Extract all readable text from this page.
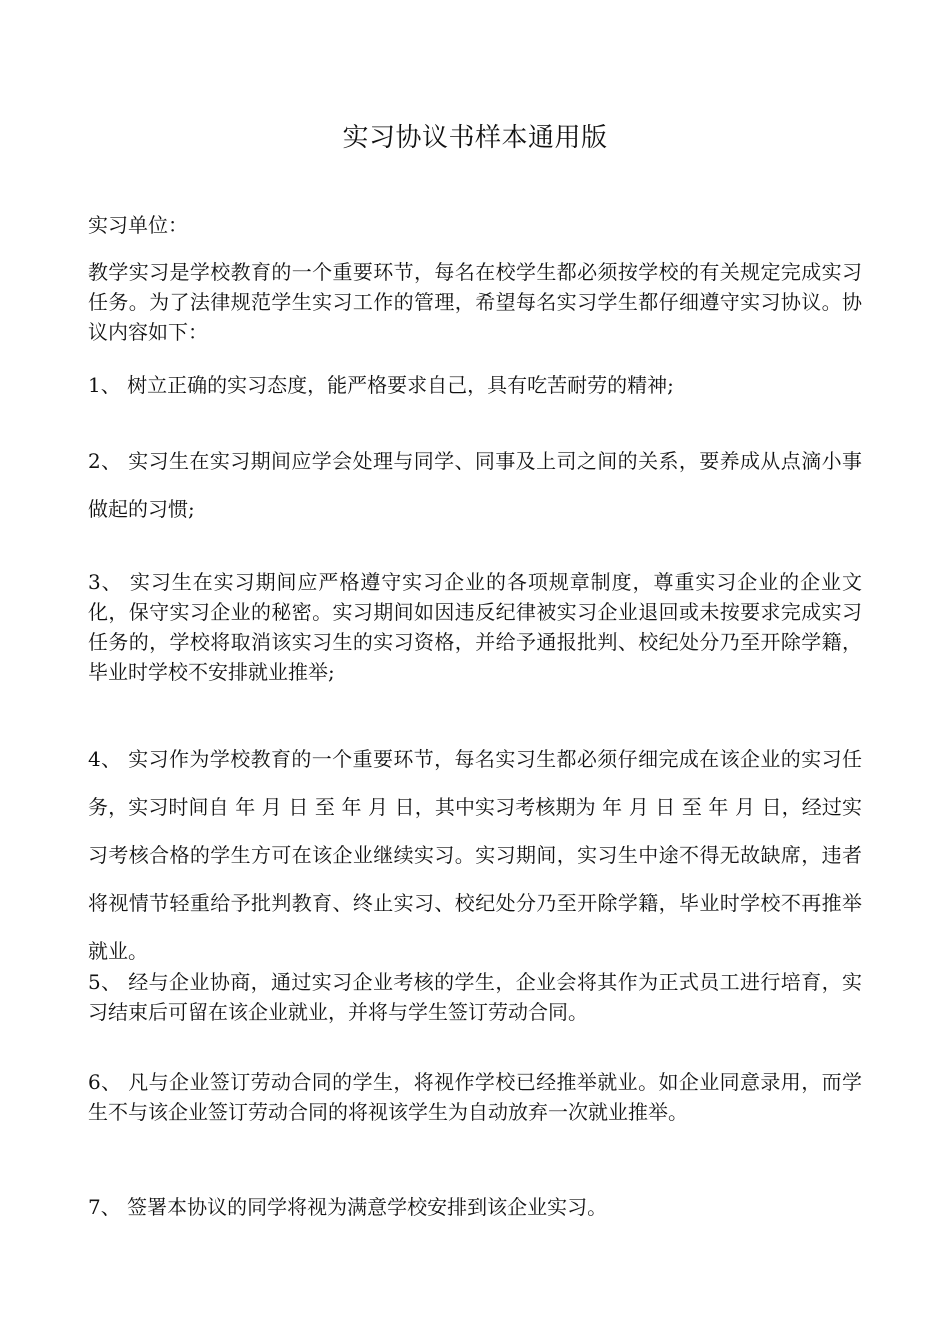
实习协议书样本通用版
实习单位：
教学实习是学校教育的一个重要环节，每名在校学生都必须按学校的有关规定完成实习任务。为了法律规范学生实习工作的管理，希望每名实习学生都仔细遵守实习协议。协议内容如下：
1、 树立正确的实习态度，能严格要求自己，具有吃苦耐劳的精神;
2、 实习生在实习期间应学会处理与同学、同事及上司之间的关系，要养成从点滴小事做起的习惯;
3、 实习生在实习期间应严格遵守实习企业的各项规章制度，尊重实习企业的企业文化，保守实习企业的秘密。实习期间如因违反纪律被实习企业退回或未按要求完成实习任务的，学校将取消该实习生的实习资格，并给予通报批判、校纪处分乃至开除学籍，毕业时学校不安排就业推举;
4、 实习作为学校教育的一个重要环节，每名实习生都必须仔细完成在该企业的实习任务，实习时间自 年 月 日 至 年 月 日，其中实习考核期为 年 月 日 至 年 月 日，经过实习考核合格的学生方可在该企业继续实习。实习期间，实习生中途不得无故缺席，违者将视情节轻重给予批判教育、终止实习、校纪处分乃至开除学籍，毕业时学校不再推举就业。
5、 经与企业协商，通过实习企业考核的学生，企业会将其作为正式员工进行培育，实习结束后可留在该企业就业，并将与学生签订劳动合同。
6、 凡与企业签订劳动合同的学生，将视作学校已经推举就业。如企业同意录用，而学生不与该企业签订劳动合同的将视该学生为自动放弃一次就业推举。
7、 签署本协议的同学将视为满意学校安排到该企业实习。
